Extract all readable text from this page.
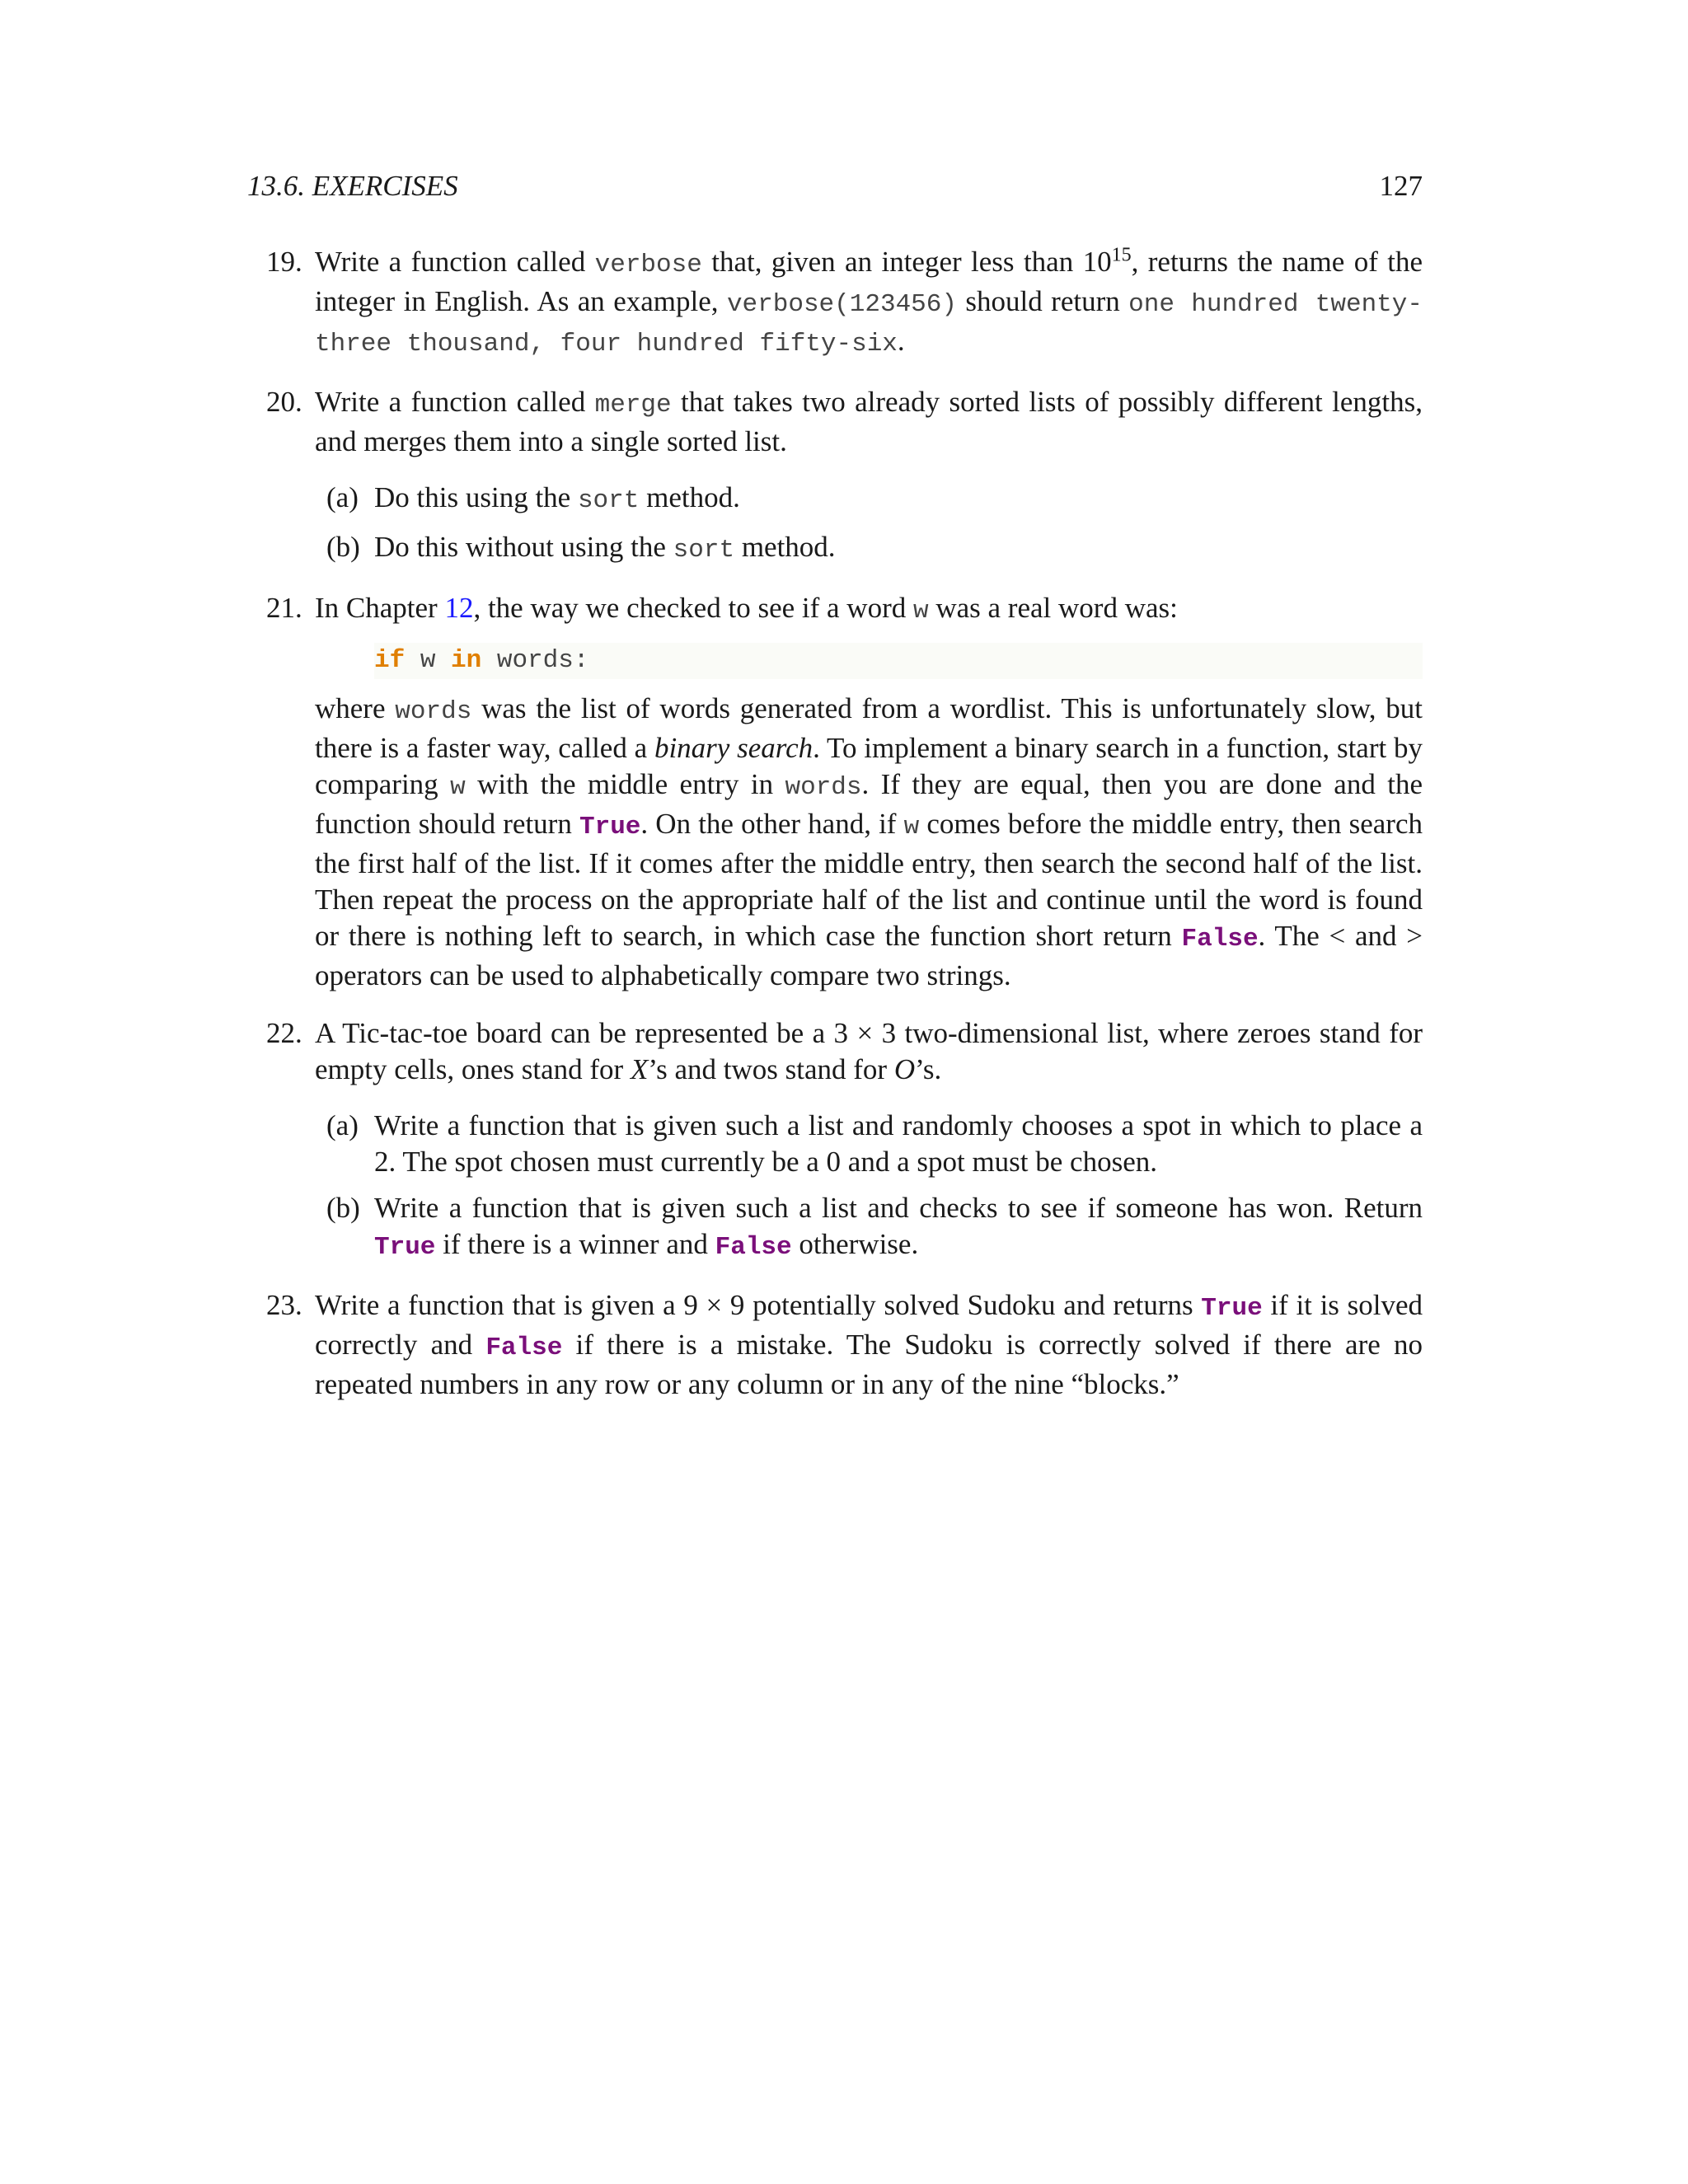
13.6. EXERCISES	127
19. Write a function called verbose that, given an integer less than $10^{15}$, returns the name of the integer in English. As an example, verbose(123456) should return one hundred twenty-three thousand, four hundred fifty-six.

20. Write a function called merge that takes two already sorted lists of possibly different lengths, and merges them into a single sorted list.

(a) Do this using the sort method.
(b) Do this without using the sort method.
21. In Chapter 12, the way we checked to see if a word w was a real word was:

if w in words:

where words was the list of words generated from a wordlist. This is unfortunately slow, but there is a faster way, called a binary search. To implement a binary search in a function, start by comparing w with the middle entry in words. If they are equal, then you are done and the function should return True. On the other hand, if w comes before the middle entry, then search the first half of the list. If it comes after the middle entry, then search the second half of the list. Then repeat the process on the appropriate half of the list and continue until the word is found or there is nothing left to search, in which case the function short return False. The < and > operators can be used to alphabetically compare two strings.

22. A Tic-tac-toe board can be represented be a 3 × 3 two-dimensional list, where zeroes stand for empty cells, ones stand for X’s and twos stand for O’s.

(a) Write a function that is given such a list and randomly chooses a spot in which to place a 2. The spot chosen must currently be a 0 and a spot must be chosen.
(b) Write a function that is given such a list and checks to see if someone has won. Return True if there is a winner and False otherwise.
23. Write a function that is given a 9 × 9 potentially solved Sudoku and returns True if it is solved correctly and False if there is a mistake. The Sudoku is correctly solved if there are no repeated numbers in any row or any column or in any of the nine “blocks.”
